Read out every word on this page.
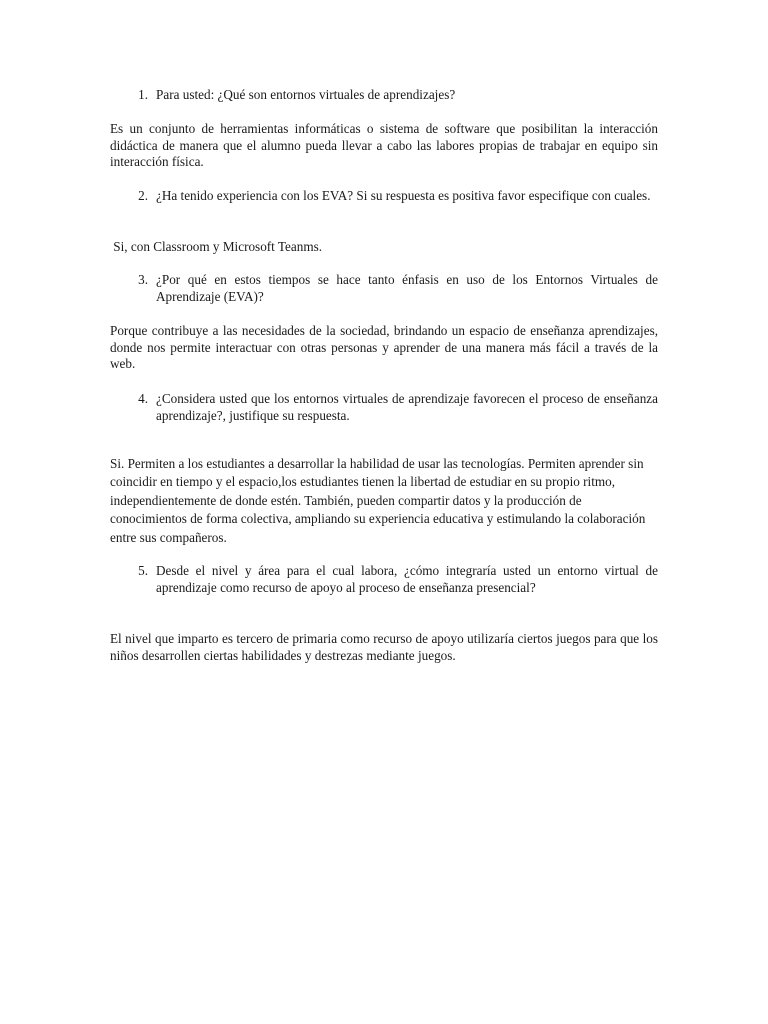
1. Para usted: ¿Qué son entornos virtuales de aprendizajes?
Es un conjunto de herramientas informáticas o sistema de software que posibilitan la interacción didáctica de manera que el alumno pueda llevar a cabo las labores propias de trabajar en equipo sin interacción física.
2. ¿Ha tenido experiencia con los EVA? Si su respuesta es positiva favor especifique con cuales.
Si, con Classroom y Microsoft Teanms.
3. ¿Por qué en estos tiempos se hace tanto énfasis en uso de los Entornos Virtuales de Aprendizaje (EVA)?
Porque contribuye a las necesidades de la sociedad, brindando un espacio de enseñanza aprendizajes, donde nos permite interactuar con otras personas y aprender de una manera más fácil a través de la web.
4. ¿Considera usted que los entornos virtuales de aprendizaje favorecen el proceso de enseñanza aprendizaje?, justifique su respuesta.
Si. Permiten a los estudiantes a desarrollar la habilidad de usar las tecnologías. Permiten aprender sin coincidir en tiempo y el espacio,los estudiantes tienen la libertad de estudiar en su propio ritmo, independientemente de donde estén. También, pueden compartir datos y la producción de conocimientos de forma colectiva, ampliando su experiencia educativa y estimulando la colaboración entre sus compañeros.
5. Desde el nivel y área para el cual labora, ¿cómo integraría usted un entorno virtual de aprendizaje como recurso de apoyo al proceso de enseñanza presencial?
El nivel que imparto es tercero de primaria como recurso de apoyo utilizaría ciertos juegos para que los niños desarrollen ciertas habilidades y destrezas mediante juegos.
